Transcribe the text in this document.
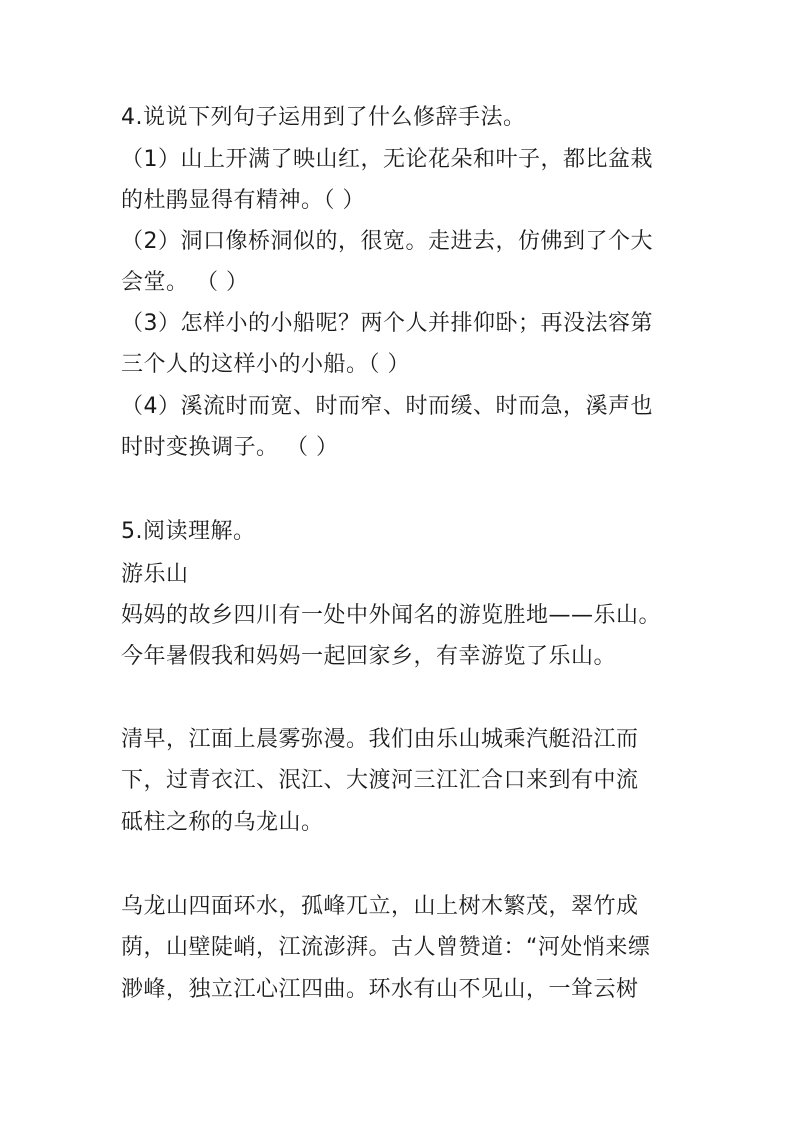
4.说说下列句子运用到了什么修辞手法。
（1）山上开满了映山红，无论花朵和叶子，都比盆栽
的杜鹃显得有精神。（ ）
（2）洞口像桥洞似的，很宽。走进去，仿佛到了个大
会堂。 （ ）
（3）怎样小的小船呢？两个人并排仰卧；再没法容第
三个人的这样小的小船。（ ）
（4）溪流时而宽、时而窄、时而缓、时而急，溪声也
时时变换调子。 （ ）
5.阅读理解。
游乐山
妈妈的故乡四川有一处中外闻名的游览胜地——乐山。
今年暑假我和妈妈一起回家乡，有幸游览了乐山。
清早，江面上晨雾弥漫。我们由乐山城乘汽艇沿江而
下，过青衣江、泯江、大渡河三江汇合口来到有中流
砥柱之称的乌龙山。
乌龙山四面环水，孤峰兀立，山上树木繁茂，翠竹成
荫，山壁陡峭，江流澎湃。古人曾赞道：“河处悄来缥
渺峰，独立江心江四曲。环水有山不见山，一耸云树
